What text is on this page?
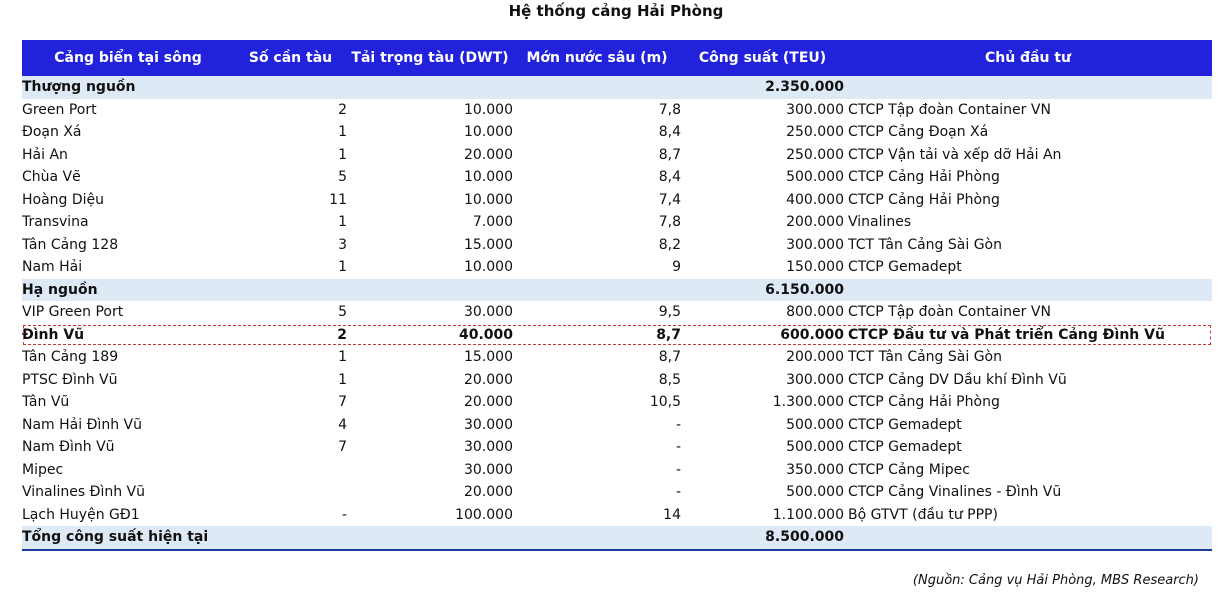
Hệ thống cảng Hải Phòng
Cảng biển tại sông	Số cần tàu	Tải trọng tàu (DWT)	Mớn nước sâu (m)	Công suất (TEU)	Chủ đầu tư
Thượng nguồn				2.350.000	
Green Port	2	10.000	7,8	300.000	CTCP Tập đoàn Container VN
Đoạn Xá	1	10.000	8,4	250.000	CTCP Cảng Đoạn Xá
Hải An	1	20.000	8,7	250.000	CTCP Vận tải và xếp dỡ Hải An
Chùa Vẽ	5	10.000	8,4	500.000	CTCP Cảng Hải Phòng
Hoàng Diệu	11	10.000	7,4	400.000	CTCP Cảng Hải Phòng
Transvina	1	7.000	7,8	200.000	Vinalines
Tân Cảng 128	3	15.000	8,2	300.000	TCT Tân Cảng Sài Gòn
Nam Hải	1	10.000	9	150.000	CTCP Gemadept
Hạ nguồn				6.150.000	
VIP Green Port	5	30.000	9,5	800.000	CTCP Tập đoàn Container VN
Đình Vũ	2	40.000	8,7	600.000	CTCP Đầu tư và Phát triển Cảng Đình Vũ
Tân Cảng 189	1	15.000	8,7	200.000	TCT Tân Cảng Sài Gòn
PTSC Đình Vũ	1	20.000	8,5	300.000	CTCP Cảng DV Dầu khí Đình Vũ
Tân Vũ	7	20.000	10,5	1.300.000	CTCP Cảng Hải Phòng
Nam Hải Đình Vũ	4	30.000	-	500.000	CTCP Gemadept
Nam Đình Vũ	7	30.000	-	500.000	CTCP Gemadept
Mipec		30.000	-	350.000	CTCP Cảng Mipec
Vinalines Đình Vũ		20.000	-	500.000	CTCP Cảng Vinalines - Đình Vũ
Lạch Huyện GĐ1	-	100.000	14	1.100.000	Bộ GTVT (đầu tư PPP)
Tổng công suất hiện tại				8.500.000	
(Nguồn: Cảng vụ Hải Phòng, MBS Research)
